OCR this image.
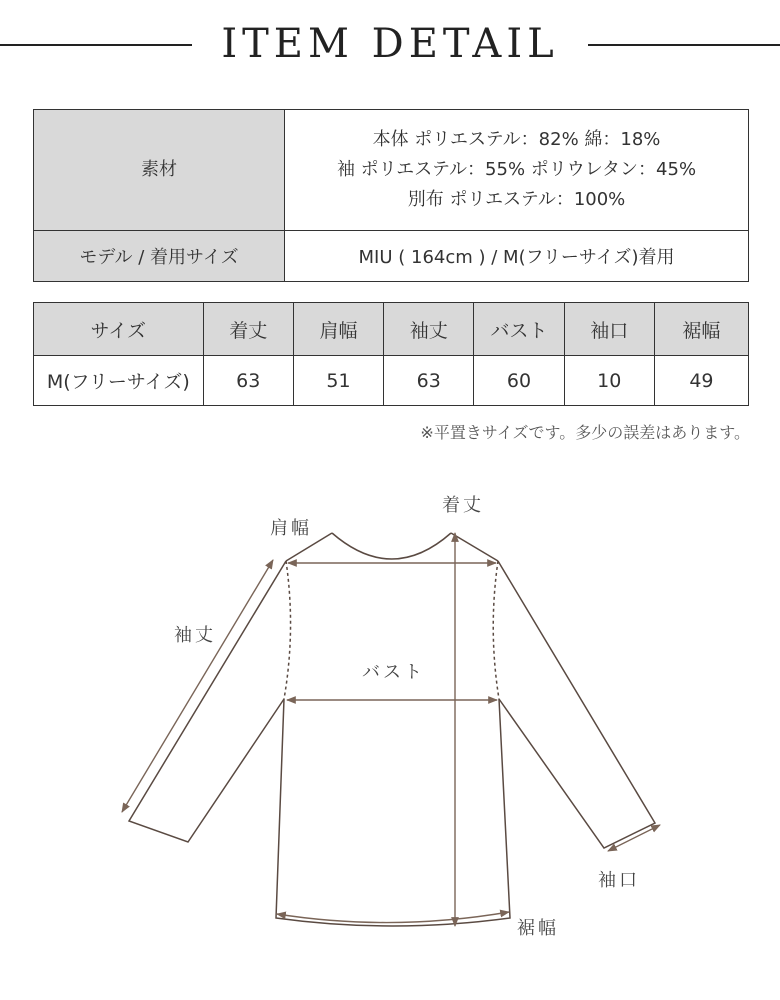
ITEM DETAIL
素材	本体 ポリエステル：82% 綿：18%
袖 ポリエステル：55% ポリウレタン：45%
別布 ポリエステル：100%

モデル / 着用サイズ	MIU ( 164cm ) / M(フリーサイズ)着用
サイズ	着丈	肩幅	袖丈	バスト	袖口	裾幅
M(フリーサイズ)	63	51	63	60	10	49
※平置きサイズです。多少の誤差はあります。
着丈
肩幅
袖丈
バスト
袖口
裾幅
